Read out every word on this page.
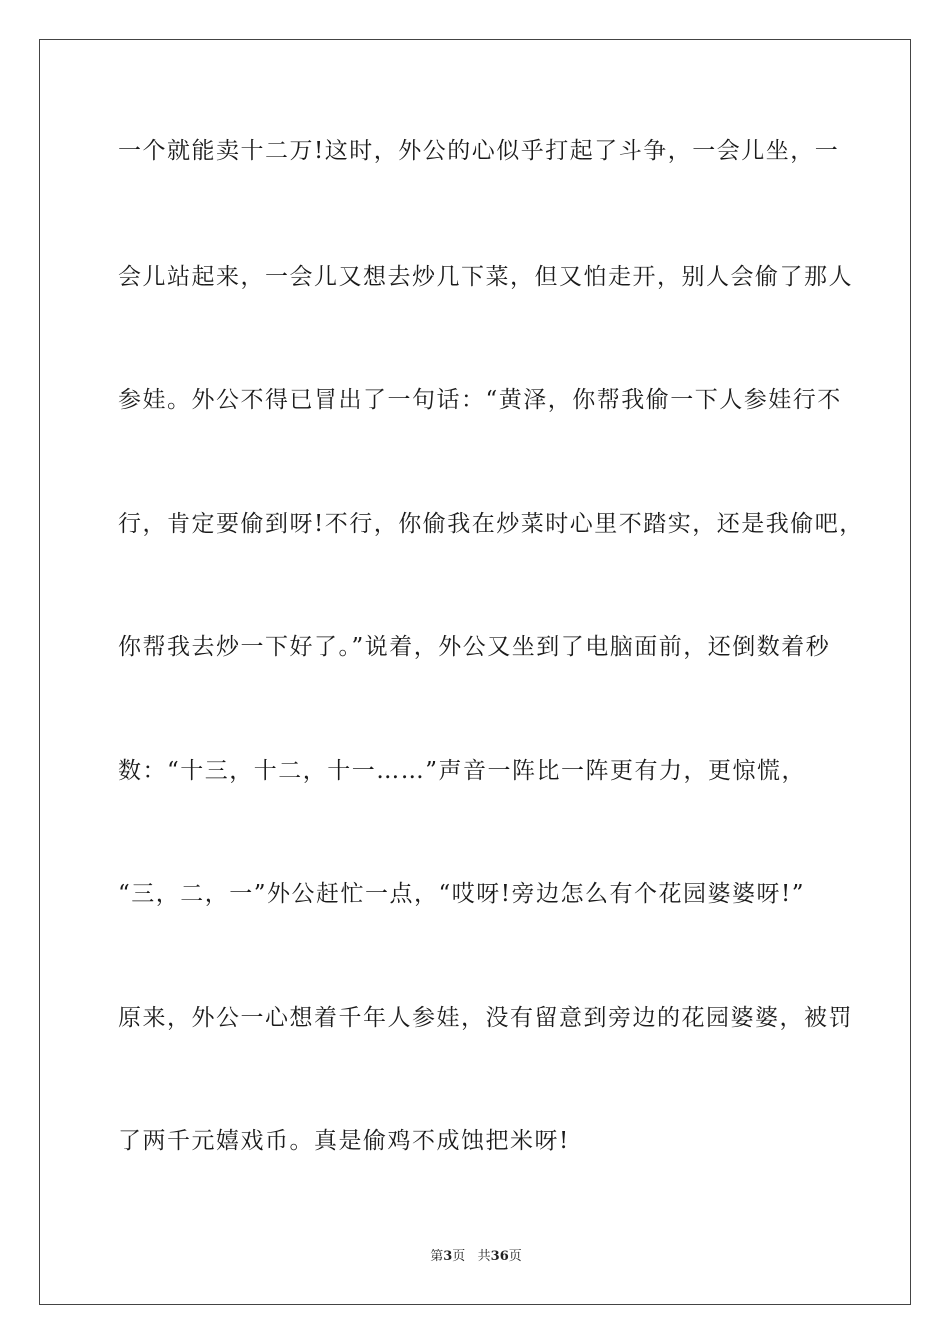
一个就能卖十二万!这时，外公的心似乎打起了斗争，一会儿坐，一
会儿站起来，一会儿又想去炒几下菜，但又怕走开，别人会偷了那人
参娃。外公不得已冒出了一句话：“黄泽，你帮我偷一下人参娃行不
行，肯定要偷到呀!不行，你偷我在炒菜时心里不踏实，还是我偷吧，
你帮我去炒一下好了。”说着，外公又坐到了电脑面前，还倒数着秒
数：“十三，十二，十一……”声音一阵比一阵更有力，更惊慌，
“三，二，一”外公赶忙一点，“哎呀!旁边怎么有个花园婆婆呀!”
原来，外公一心想着千年人参娃，没有留意到旁边的花园婆婆，被罚
了两千元嬉戏币。真是偷鸡不成蚀把米呀!
第3页   共36页
